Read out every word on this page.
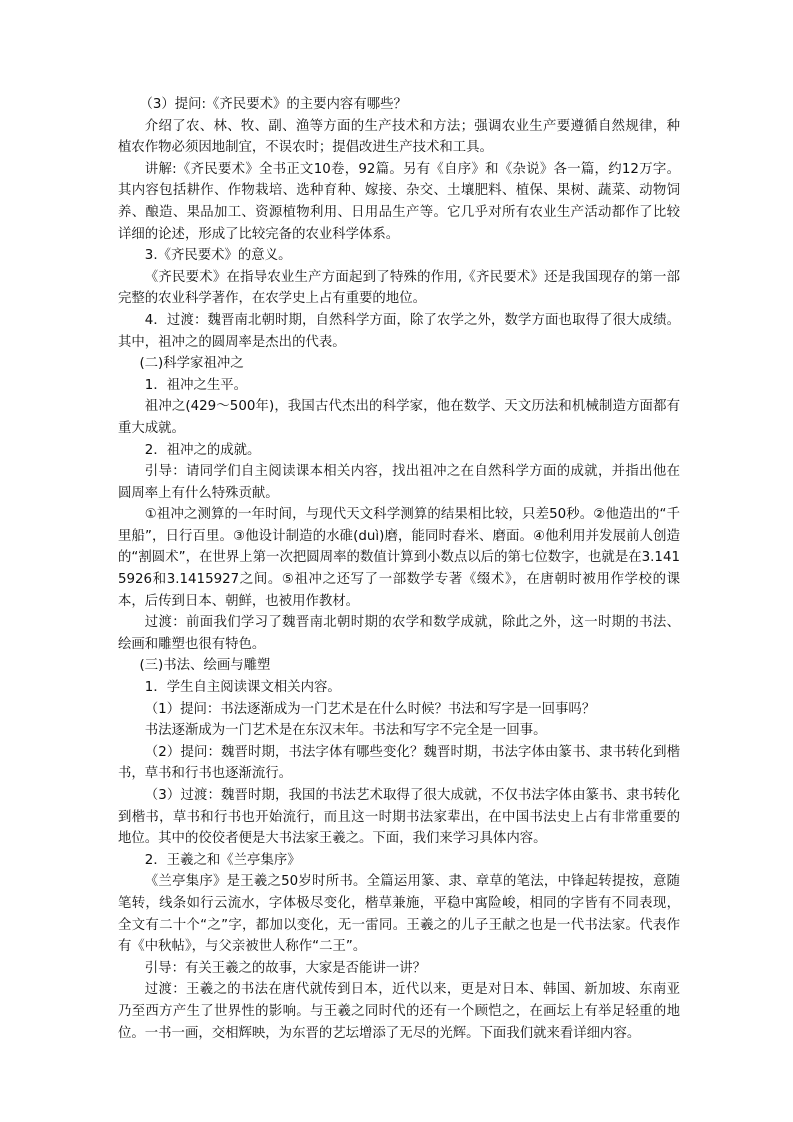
（3）提问:《齐民要术》的主要内容有哪些？

介绍了农、林、牧、副、渔等方面的生产技术和方法；强调农业生产要遵循自然规律，种植农作物必须因地制宜，不误农时；提倡改进生产技术和工具。

讲解:《齐民要术》全书正文10卷，92篇。另有《自序》和《杂说》各一篇，约12万字。其内容包括耕作、作物栽培、选种育种、嫁接、杂交、土壤肥料、植保、果树、蔬菜、动物饲养、酿造、果品加工、资源植物利用、日用品生产等。它几乎对所有农业生产活动都作了比较详细的论述，形成了比较完备的农业科学体系。

3.《齐民要术》的意义。

《齐民要术》在指导农业生产方面起到了特殊的作用,《齐民要术》还是我国现存的第一部完整的农业科学著作，在农学史上占有重要的地位。

4．过渡：魏晋南北朝时期，自然科学方面，除了农学之外，数学方面也取得了很大成绩。其中，祖冲之的圆周率是杰出的代表。

(二)科学家祖冲之

1．祖冲之生平。

祖冲之(429～500年)，我国古代杰出的科学家，他在数学、天文历法和机械制造方面都有重大成就。

2．祖冲之的成就。

引导：请同学们自主阅读课本相关内容，找出祖冲之在自然科学方面的成就，并指出他在圆周率上有什么特殊贡献。

①祖冲之测算的一年时间，与现代天文科学测算的结果相比较，只差50秒。②他造出的“千里船”，日行百里。③他设计制造的水碓(duì)磨，能同时舂米、磨面。④他利用并发展前人创造的“割圆术”，在世界上第一次把圆周率的数值计算到小数点以后的第七位数字，也就是在3.1415926和3.1415927之间。⑤祖冲之还写了一部数学专著《缀术》，在唐朝时被用作学校的课本，后传到日本、朝鲜，也被用作教材。

过渡：前面我们学习了魏晋南北朝时期的农学和数学成就，除此之外，这一时期的书法、绘画和雕塑也很有特色。

(三)书法、绘画与雕塑

1．学生自主阅读课文相关内容。

（1）提问：书法逐渐成为一门艺术是在什么时候？书法和写字是一回事吗？

书法逐渐成为一门艺术是在东汉末年。书法和写字不完全是一回事。

（2）提问：魏晋时期，书法字体有哪些变化？魏晋时期，书法字体由篆书、隶书转化到楷书，草书和行书也逐渐流行。

（3）过渡：魏晋时期，我国的书法艺术取得了很大成就，不仅书法字体由篆书、隶书转化到楷书，草书和行书也开始流行，而且这一时期书法家辈出，在中国书法史上占有非常重要的地位。其中的佼佼者便是大书法家王羲之。下面，我们来学习具体内容。

2．王羲之和《兰亭集序》

《兰亭集序》是王羲之50岁时所书。全篇运用篆、隶、章草的笔法，中锋起转提按，意随笔转，线条如行云流水，字体极尽变化，楷草兼施，平稳中寓险峻，相同的字皆有不同表现，全文有二十个“之”字，都加以变化，无一雷同。王羲之的儿子王献之也是一代书法家。代表作有《中秋帖》，与父亲被世人称作“二王”。

引导：有关王羲之的故事，大家是否能讲一讲？

过渡：王羲之的书法在唐代就传到日本，近代以来，更是对日本、韩国、新加坡、东南亚乃至西方产生了世界性的影响。与王羲之同时代的还有一个顾恺之，在画坛上有举足轻重的地位。一书一画，交相辉映，为东晋的艺坛增添了无尽的光辉。下面我们就来看详细内容。
